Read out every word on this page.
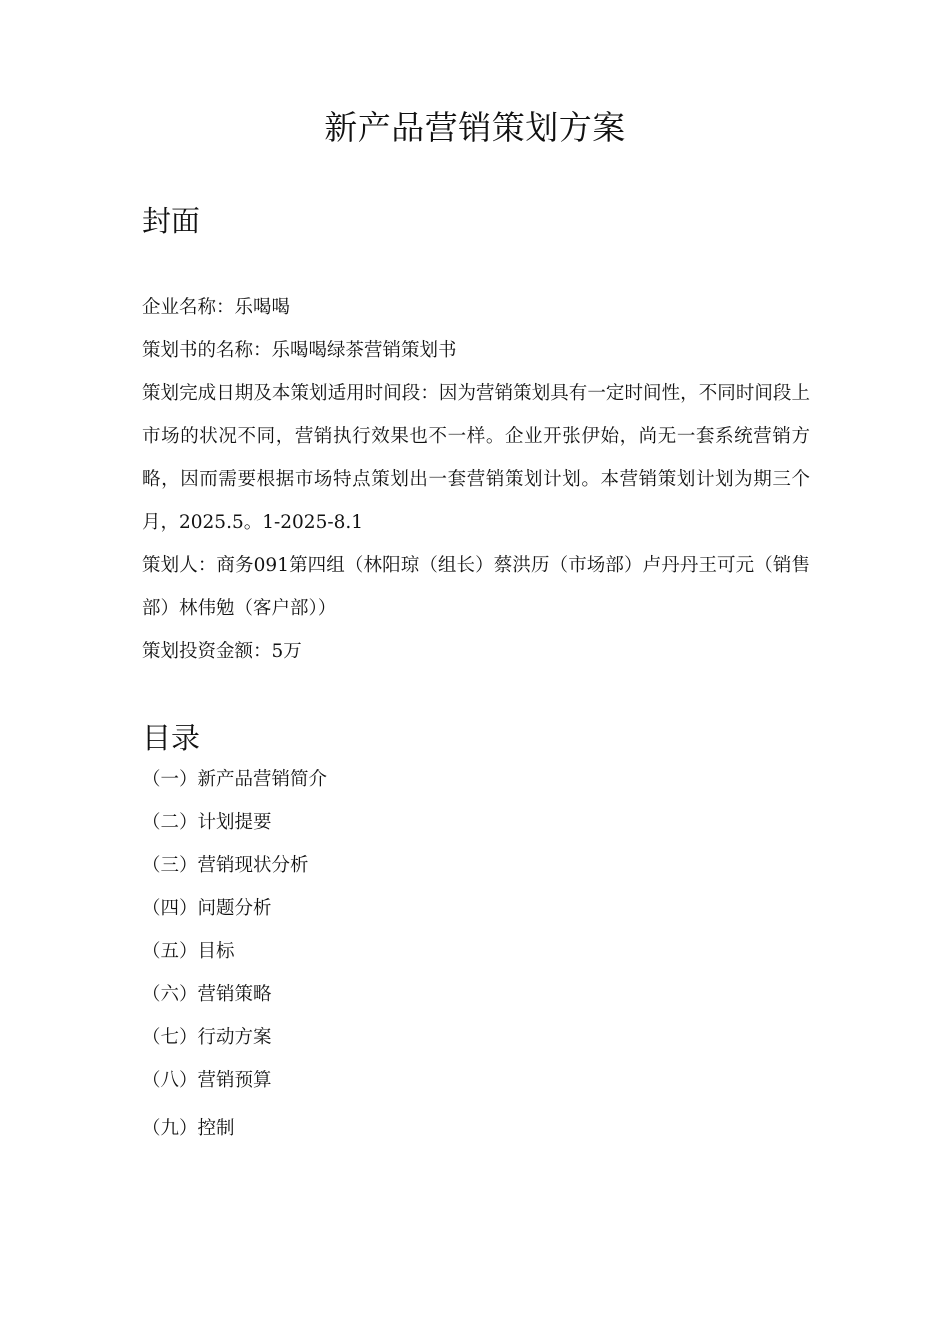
新产品营销策划方案
封面

企业名称：乐喝喝

策划书的名称：乐喝喝绿茶营销策划书

策划完成日期及本策划适用时间段：因为营销策划具有一定时间性，不同时间段上市场的状况不同，营销执行效果也不一样。企业开张伊始，尚无一套系统营销方略，因而需要根据市场特点策划出一套营销策划计划。本营销策划计划为期三个月，2025.5。1-2025-8.1

策划人：商务091第四组（林阳琼（组长）蔡洪历（市场部）卢丹丹王可元（销售部）林伟勉（客户部））

策划投资金额：5万

目录
（一）新产品营销简介
（二）计划提要
（三）营销现状分析
（四）问题分析
（五）目标
（六）营销策略
（七）行动方案
（八）营销预算
（九）控制
